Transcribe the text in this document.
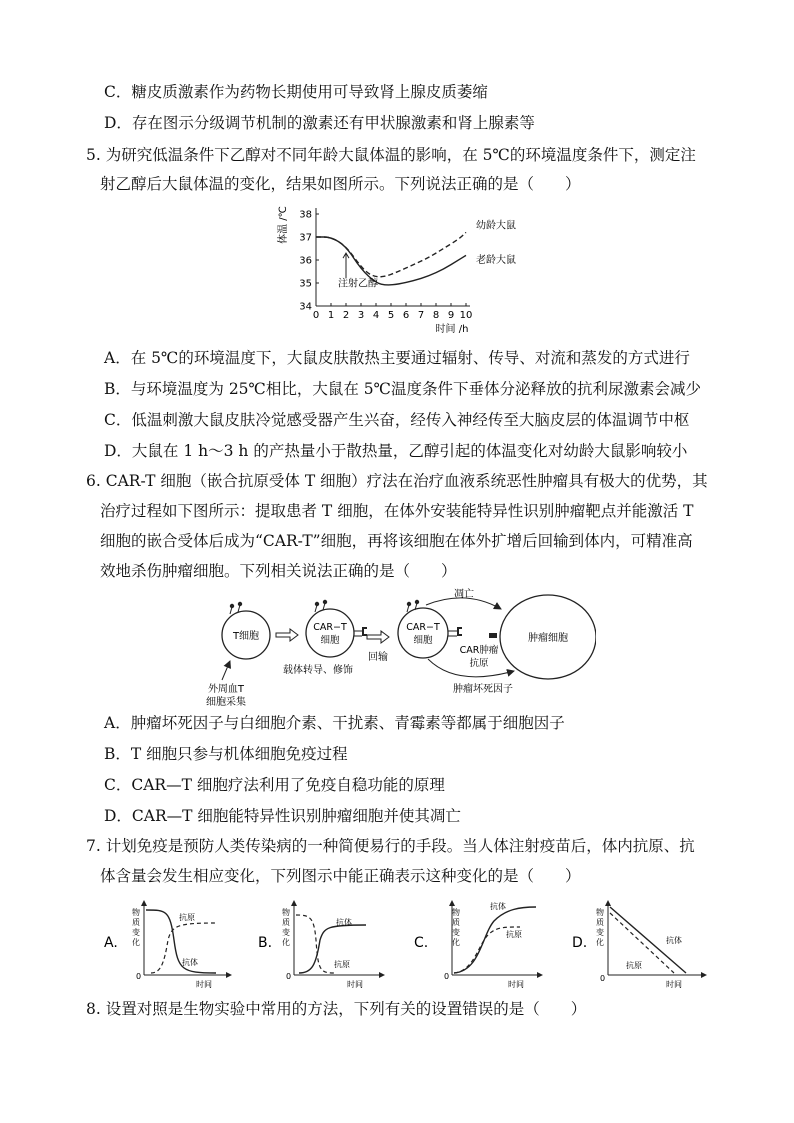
C．糖皮质激素作为药物长期使用可导致肾上腺皮质萎缩
D．存在图示分级调节机制的激素还有甲状腺激素和肾上腺素等
5. 为研究低温条件下乙醇对不同年龄大鼠体温的影响，在 5℃的环境温度条件下，测定注
射乙醇后大鼠体温的变化，结果如图所示。下列说法正确的是（　　）
体温 /℃
34
35
36
37
38
0 1 2 3 4 5 6 7 8 9 10
时间 /h
幼龄大鼠
老龄大鼠
注射乙醇
A．在 5℃的环境温度下，大鼠皮肤散热主要通过辐射、传导、对流和蒸发的方式进行
B．与环境温度为 25℃相比，大鼠在 5℃温度条件下垂体分泌释放的抗利尿激素会减少
C．低温刺激大鼠皮肤冷觉感受器产生兴奋，经传入神经传至大脑皮层的体温调节中枢
D．大鼠在 1 h～3 h 的产热量小于散热量，乙醇引起的体温变化对幼龄大鼠影响较小
6. CAR-T 细胞（嵌合抗原受体 T 细胞）疗法在治疗血液系统恶性肿瘤具有极大的优势，其
治疗过程如下图所示：提取患者 T 细胞，在体外安装能特异性识别肿瘤靶点并能激活 T
细胞的嵌合受体后成为“CAR-T”细胞，再将该细胞在体外扩增后回输到体内，可精准高
效地杀伤肿瘤细胞。下列相关说法正确的是（　　）
T细胞
CAR−T
细胞
载体转导、修饰
回输
CAR−T
细胞	肿瘤细胞
凋亡
CAR肿瘤
抗原
肿瘤坏死因子
外周血T
细胞采集
A．肿瘤坏死因子与白细胞介素、干扰素、青霉素等都属于细胞因子
B．T 细胞只参与机体细胞免疫过程
C．CAR—T 细胞疗法利用了免疫自稳功能的原理
D．CAR—T 细胞能特异性识别肿瘤细胞并使其凋亡
7. 计划免疫是预防人类传染病的一种简便易行的手段。当人体注射疫苗后，体内抗原、抗
体含量会发生相应变化，下列图示中能正确表示这种变化的是（　　）
A.
0
物
质
变
化
时间
抗原
抗体
B.
0
物
质
变
化
时间
抗体
抗原
C.
0
物
质
变
化
时间
抗体
抗原
D.
0
物
质
变
化
时间
抗体
抗原
8. 设置对照是生物实验中常用的方法，下列有关的设置错误的是（　　）
